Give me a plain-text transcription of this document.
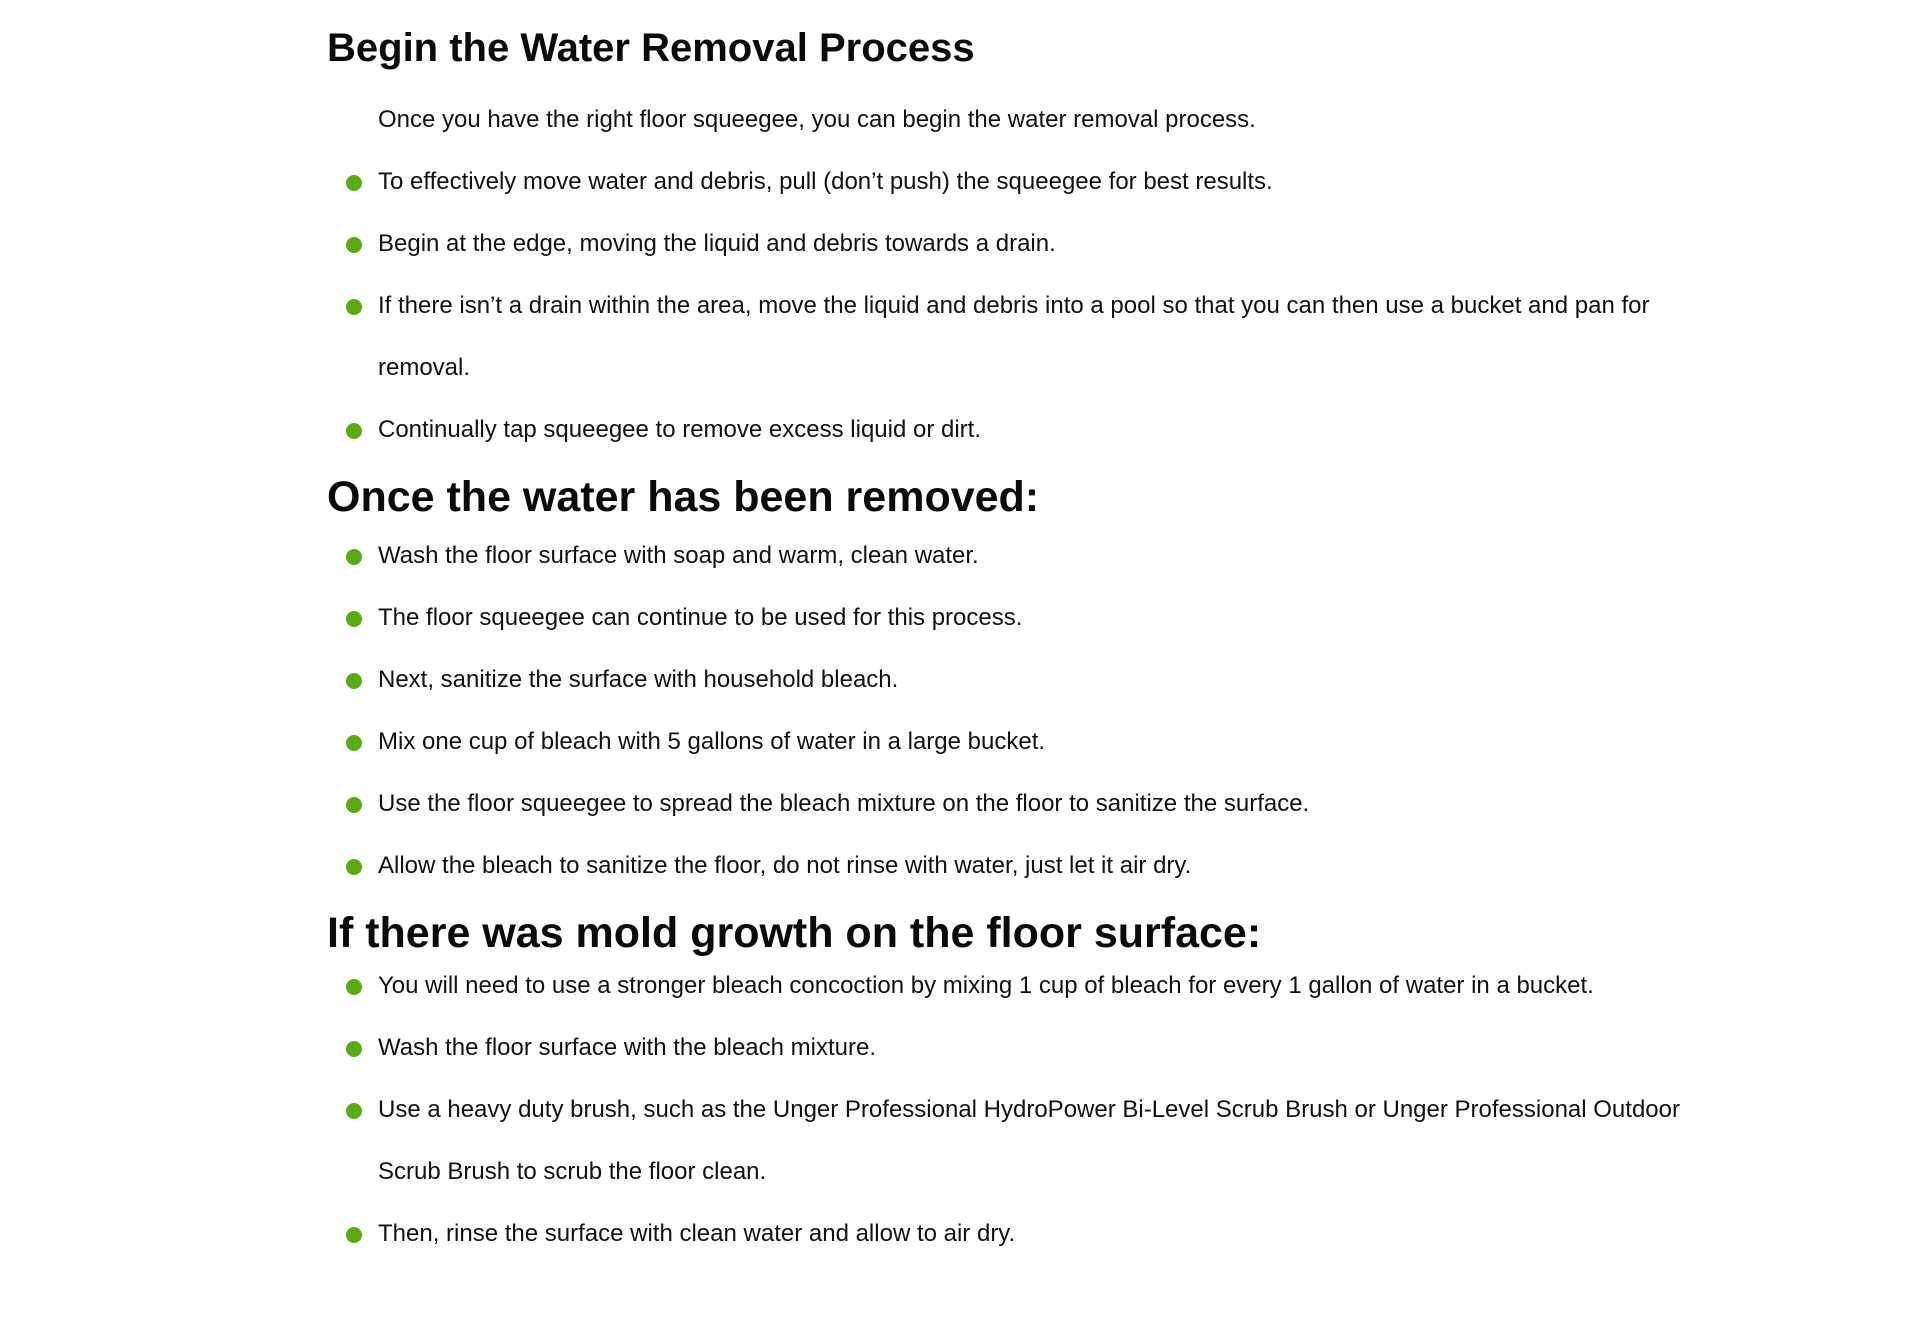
Begin the Water Removal Process

Once you have the right floor squeegee, you can begin the water removal process.

To effectively move water and debris, pull (don’t push) the squeegee for best results.
Begin at the edge, moving the liquid and debris towards a drain.
If there isn’t a drain within the area, move the liquid and debris into a pool so that you can then use a bucket and pan for removal.
Continually tap squeegee to remove excess liquid or dirt.
Once the water has been removed:
Wash the floor surface with soap and warm, clean water.
The floor squeegee can continue to be used for this process.
Next, sanitize the surface with household bleach.
Mix one cup of bleach with 5 gallons of water in a large bucket.
Use the floor squeegee to spread the bleach mixture on the floor to sanitize the surface.
Allow the bleach to sanitize the floor, do not rinse with water, just let it air dry.
If there was mold growth on the floor surface:
You will need to use a stronger bleach concoction by mixing 1 cup of bleach for every 1 gallon of water in a bucket.
Wash the floor surface with the bleach mixture.
Use a heavy duty brush, such as the Unger Professional HydroPower Bi-Level Scrub Brush or Unger Professional Outdoor Scrub Brush to scrub the floor clean.
Then, rinse the surface with clean water and allow to air dry.
